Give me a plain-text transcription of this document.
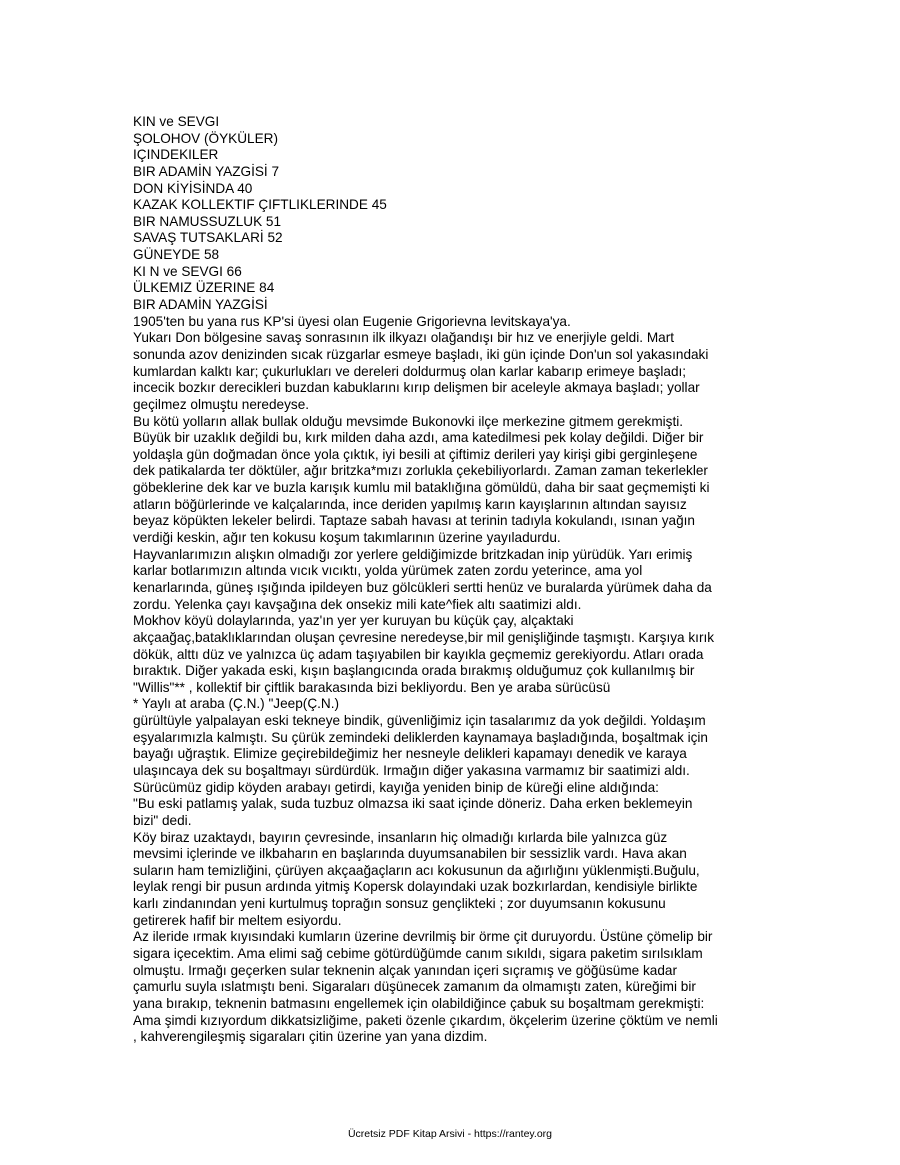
KIN ve SEVGI
ŞOLOHOV (ÖYKÜLER)
IÇINDEKILER
BIR ADAMİN YAZGİSİ 7
DON KİYİSİNDA 40
KAZAK KOLLEKTIF ÇIFTLIKLERINDE 45
BIR NAMUSSUZLUK 51
SAVAŞ TUTSAKLARİ 52
GÜNEYDE 58
KI N ve SEVGI 66
ÜLKEMIZ ÜZERINE 84
BIR ADAMİN YAZGİSİ
1905'ten bu yana rus KP'si üyesi olan Eugenie Grigorievna levitskaya'ya.
Yukarı Don bölgesine savaş sonrasının ilk ilkyazı olağandışı bir hız ve enerjiyle geldi. Mart
sonunda azov denizinden sıcak rüzgarlar esmeye başladı, iki gün içinde Don'un sol yakasındaki
kumlardan kalktı kar; çukurlukları ve dereleri doldurmuş olan karlar kabarıp erimeye başladı;
incecik bozkır derecikleri buzdan kabuklarını kırıp delişmen bir aceleyle akmaya başladı; yollar
geçilmez olmuştu neredeyse.
Bu kötü yolların allak bullak olduğu mevsimde Bukonovki ilçe merkezine gitmem gerekmişti.
Büyük bir uzaklık değildi bu, kırk milden daha azdı, ama katedilmesi pek kolay değildi. Diğer bir
yoldaşla gün doğmadan önce yola çıktık, iyi besili at çiftimiz derileri yay kirişi gibi gerginleşene
dek patikalarda ter döktüler, ağır britzka*mızı zorlukla çekebiliyorlardı. Zaman zaman tekerlekler
göbeklerine dek kar ve buzla karışık kumlu mil bataklığına gömüldü, daha bir saat geçmemişti ki
atların böğürlerinde ve kalçalarında, ince deriden yapılmış karın kayışlarının altından sayısız
beyaz köpükten lekeler belirdi. Taptaze sabah havası at terinin tadıyla kokulandı, ısınan yağın
verdiği keskin, ağır ten kokusu koşum takımlarının üzerine yayıladurdu.
Hayvanlarımızın alışkın olmadığı zor yerlere geldiğimizde britzkadan inip yürüdük. Yarı erimiş
karlar botlarımızın altında vıcık vıcıktı, yolda yürümek zaten zordu yeterince, ama yol
kenarlarında, güneş ışığında ipildeyen buz gölcükleri sertti henüz ve buralarda yürümek daha da
zordu. Yelenka çayı kavşağına dek onsekiz mili kate^fiek altı saatimizi aldı.
Mokhov köyü dolaylarında, yaz'ın yer yer kuruyan bu küçük çay, alçaktaki
akçaağaç,bataklıklarından oluşan çevresine neredeyse,bir mil genişliğinde taşmıştı. Karşıya kırık
dökük, alttı düz ve yalnızca üç adam taşıyabilen bir kayıkla geçmemiz gerekiyordu. Atları orada
bıraktık. Diğer yakada eski, kışın başlangıcında orada bırakmış olduğumuz çok kullanılmış bir
"Willis"** , kollektif bir çiftlik barakasında bizi bekliyordu. Ben ye araba sürücüsü
* Yaylı at araba (Ç.N.) "Jeep(Ç.N.)
gürültüyle yalpalayan eski tekneye bindik, güvenliğimiz için tasalarımız da yok değildi. Yoldaşım
eşyalarımızla kalmıştı. Su çürük zemindeki deliklerden kaynamaya başladığında, boşaltmak için
bayağı uğraştık. Elimize geçirebildeğimiz her nesneyle delikleri kapamayı denedik ve karaya
ulaşıncaya dek su boşaltmayı sürdürdük. Irmağın diğer yakasına varmamız bir saatimizi aldı.
Sürücümüz gidip köyden arabayı getirdi, kayığa yeniden binip de küreği eline aldığında:
"Bu eski patlamış yalak, suda tuzbuz olmazsa iki saat içinde döneriz. Daha erken beklemeyin
bizi" dedi.
Köy biraz uzaktaydı, bayırın çevresinde, insanların hiç olmadığı kırlarda bile yalnızca güz
mevsimi içlerinde ve ilkbaharın en başlarında duyumsanabilen bir sessizlik vardı. Hava akan
suların ham temizliğini, çürüyen akçaağaçların acı kokusunun da ağırlığını yüklenmişti.Buğulu,
leylak rengi bir pusun ardında yitmiş Kopersk dolayındaki uzak bozkırlardan, kendisiyle birlikte
karlı zindanından yeni kurtulmuş toprağın sonsuz gençlikteki ; zor duyumsanın kokusunu
getirerek hafif bir meltem esiyordu.
Az ileride ırmak kıyısındaki kumların üzerine devrilmiş bir örme çit duruyordu. Üstüne çömelip bir
sigara içecektim. Ama elimi sağ cebime götürdüğümde canım sıkıldı, sigara paketim sırılsıklam
olmuştu. Irmağı geçerken sular teknenin alçak yanından içeri sıçramış ve göğüsüme kadar
çamurlu suyla ıslatmıştı beni. Sigaraları düşünecek zamanım da olmamıştı zaten, küreğimi bir
yana bırakıp, teknenin batmasını engellemek için olabildiğince çabuk su boşaltmam gerekmişti:
Ama şimdi kızıyordum dikkatsizliğime, paketi özenle çıkardım, ökçelerim üzerine çöktüm ve nemli
, kahverengileşmiş sigaraları çitin üzerine yan yana dizdim.
Ücretsiz PDF Kitap Arsivi - https://rantey.org
